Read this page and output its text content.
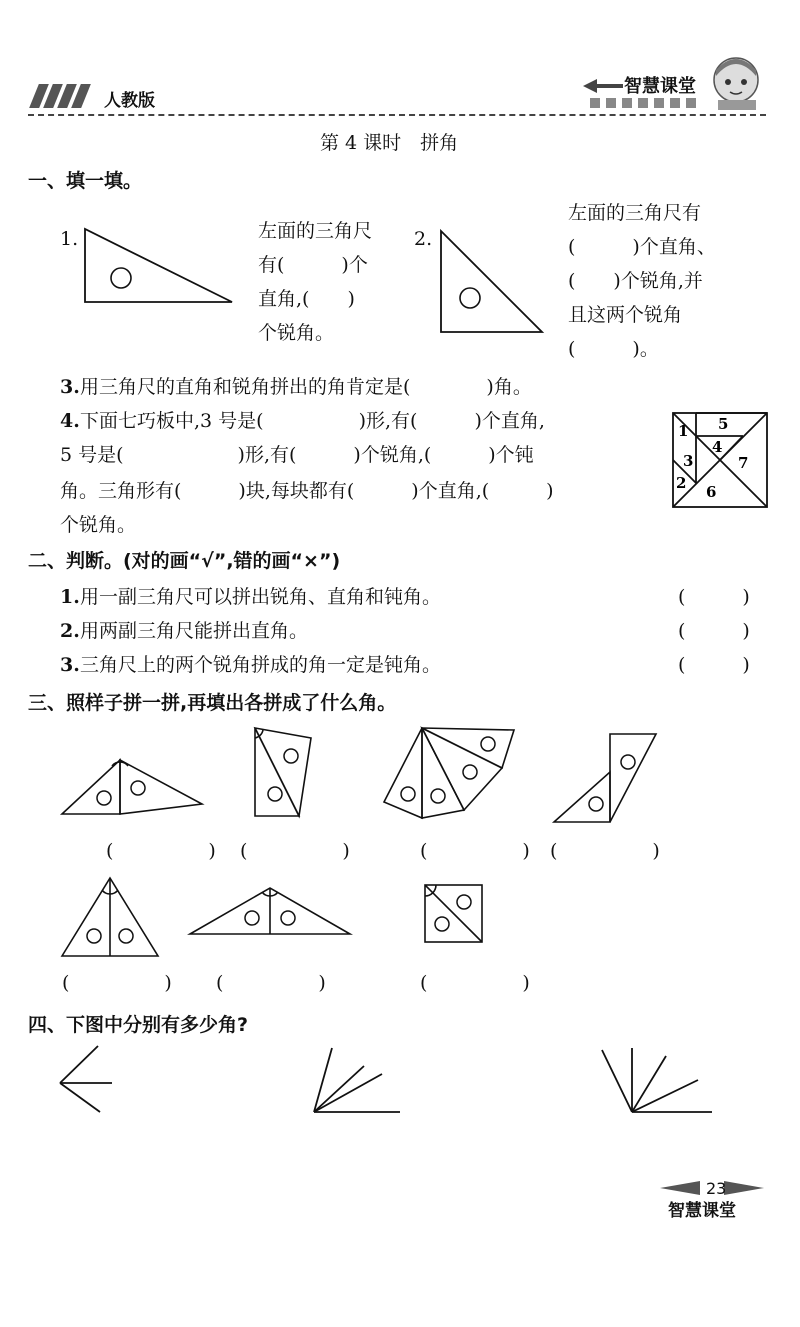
人教版
智慧课堂
第 4 课时　拼角
一、填一填。
1.	左面的三角尺
有(　　　)个
直角,(　　)
个锐角。
2.
左面的三角尺有
(　　　)个直角、
(　　)个锐角,并
且这两个锐角
(　　　)。
3. 用三角尺的直角和锐角拼出的角肯定是(　　　　)角。
4. 下面七巧板中,3 号是(　　　　　)形,有(　　　)个直角,
5 号是(　　　　　　)形,有(　　　)个锐角,(　　　)个钝
角。三角形有(　　　)块,每块都有(　　　)个直角,(　　　)
个锐角。
1
2
3
4
5
6
7
二、判断。(对的画“√”,错的画“×”)
1. 用一副三角尺可以拼出锐角、直角和钝角。	(　　　)
2. 用两副三角尺能拼出直角。	(　　　)
3. 三角尺上的两个锐角拼成的角一定是钝角。	(　　　)
三、照样子拼一拼,再填出各拼成了什么角。
(　　　　　) (　　　　　)	(　　　　　) (　　　　　)
(　　　　　) (　　　　　)	(　　　　　)
四、下图中分别有多少角?
23
智慧课堂
